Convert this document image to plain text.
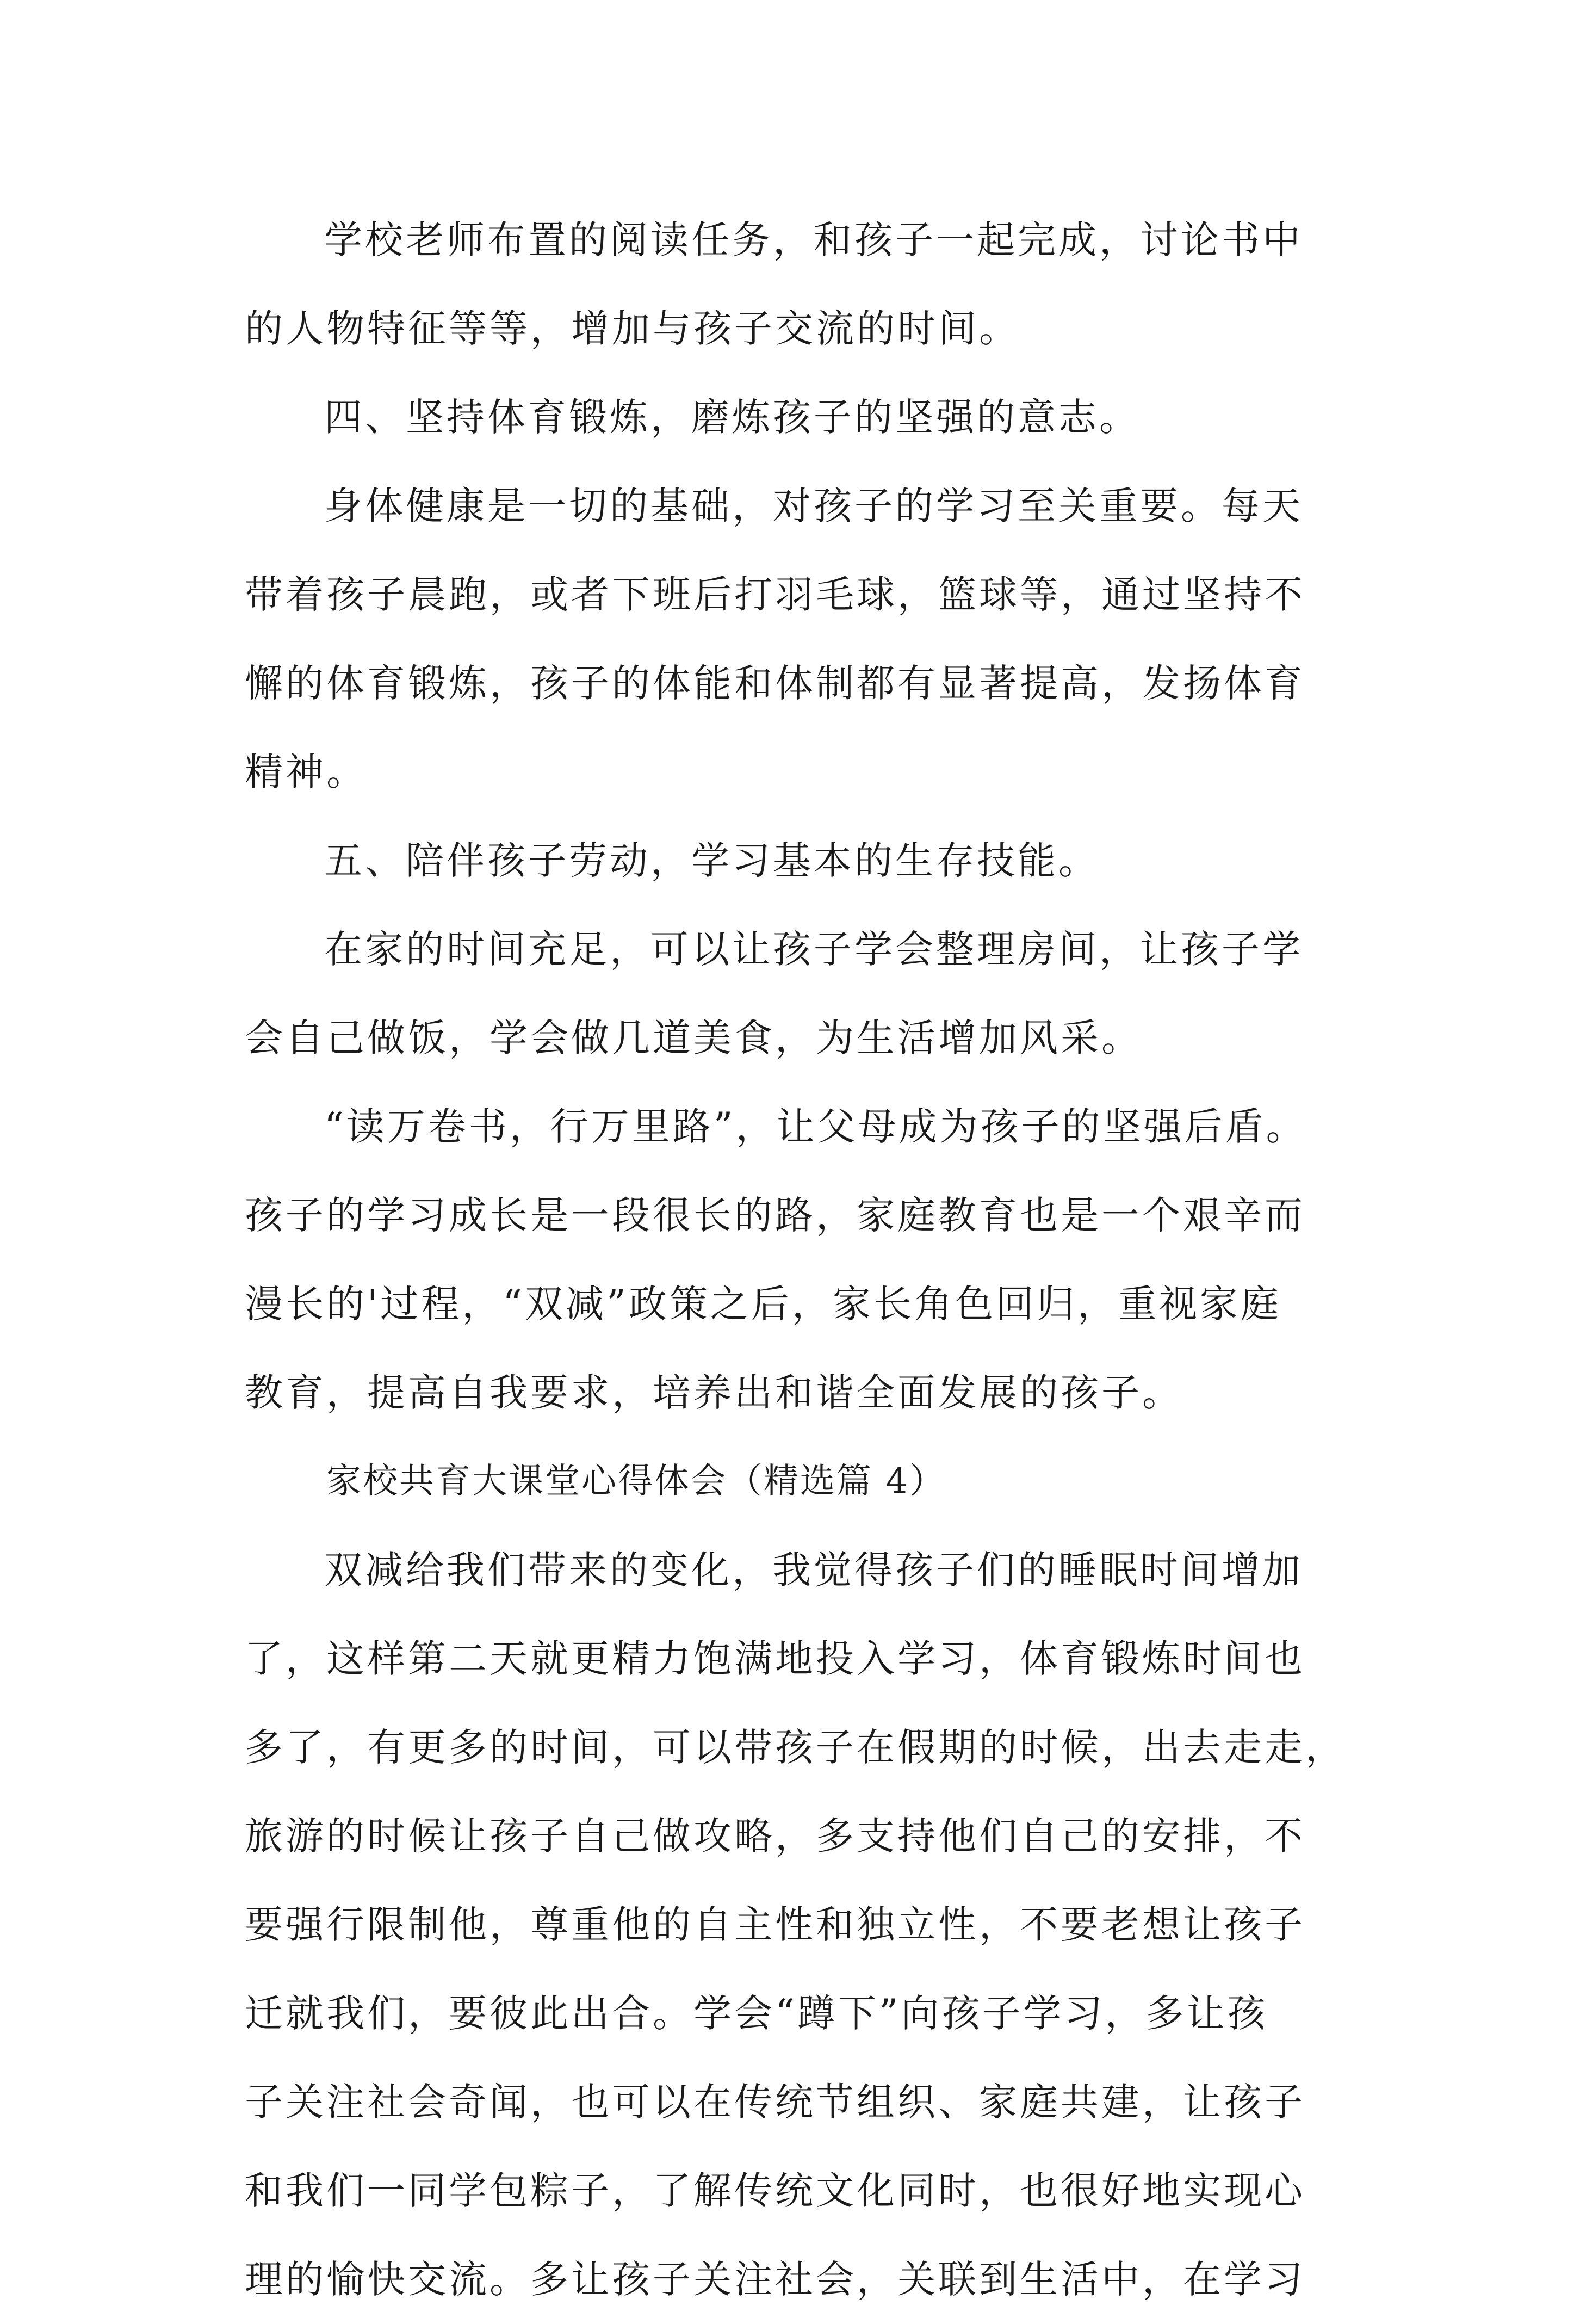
学校老师布置的阅读任务，和孩子一起完成，讨论书中
的人物特征等等，增加与孩子交流的时间。
四、坚持体育锻炼，磨炼孩子的坚强的意志。
身体健康是一切的基础，对孩子的学习至关重要。每天
带着孩子晨跑，或者下班后打羽毛球，篮球等，通过坚持不
懈的体育锻炼，孩子的体能和体制都有显著提高，发扬体育
精神。
五、陪伴孩子劳动，学习基本的生存技能。
在家的时间充足，可以让孩子学会整理房间，让孩子学
会自己做饭，学会做几道美食，为生活增加风采。
“读万卷书，行万里路”，让父母成为孩子的坚强后盾。
孩子的学习成长是一段很长的路，家庭教育也是一个艰辛而
漫长的'过程，“双减”政策之后，家长角色回归，重视家庭
教育，提高自我要求，培养出和谐全面发展的孩子。
家校共育大课堂心得体会（精选篇 4）
双减给我们带来的变化，我觉得孩子们的睡眠时间增加
了，这样第二天就更精力饱满地投入学习，体育锻炼时间也
多了，有更多的时间，可以带孩子在假期的时候，出去走走，
旅游的时候让孩子自己做攻略，多支持他们自己的安排，不
要强行限制他，尊重他的自主性和独立性，不要老想让孩子
迁就我们，要彼此出合。学会“蹲下”向孩子学习，多让孩
子关注社会奇闻，也可以在传统节组织、家庭共建，让孩子
和我们一同学包粽子，了解传统文化同时，也很好地实现心
理的愉快交流。多让孩子关注社会，关联到生活中，在学习
